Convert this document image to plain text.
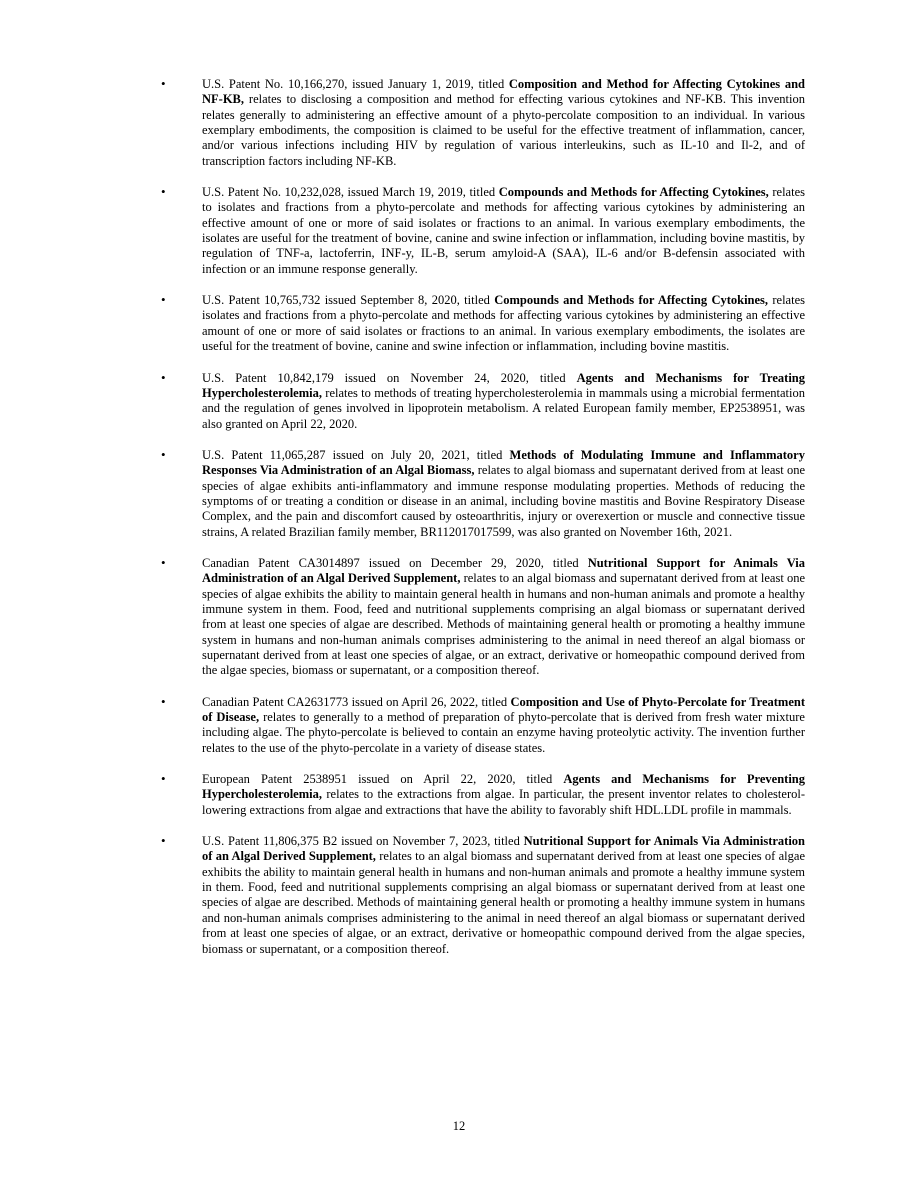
•	U.S. Patent No. 10,166,270, issued January 1, 2019, titled Composition and Method for Affecting Cytokines and NF-KB, relates to disclosing a composition and method for effecting various cytokines and NF-KB. This invention relates generally to administering an effective amount of a phyto-percolate composition to an individual. In various exemplary embodiments, the composition is claimed to be useful for the effective treatment of inflammation, cancer, and/or various infections including HIV by regulation of various interleukins, such as IL-10 and Il-2, and of transcription factors including NF-KB.
•	U.S. Patent No. 10,232,028, issued March 19, 2019, titled Compounds and Methods for Affecting Cytokines, relates to isolates and fractions from a phyto-percolate and methods for affecting various cytokines by administering an effective amount of one or more of said isolates or fractions to an animal. In various exemplary embodiments, the isolates are useful for the treatment of bovine, canine and swine infection or inflammation, including bovine mastitis, by regulation of TNF-a, lactoferrin, INF-y, IL-B, serum amyloid-A (SAA), IL-6 and/or B-defensin associated with infection or an immune response generally.
•	U.S. Patent 10,765,732 issued September 8, 2020, titled Compounds and Methods for Affecting Cytokines, relates isolates and fractions from a phyto-percolate and methods for affecting various cytokines by administering an effective amount of one or more of said isolates or fractions to an animal. In various exemplary embodiments, the isolates are useful for the treatment of bovine, canine and swine infection or inflammation, including bovine mastitis.
•	U.S. Patent 10,842,179 issued on November 24, 2020, titled Agents and Mechanisms for Treating Hypercholesterolemia, relates to methods of treating hypercholesterolemia in mammals using a microbial fermentation and the regulation of genes involved in lipoprotein metabolism. A related European family member, EP2538951, was also granted on April 22, 2020.
•	U.S. Patent 11,065,287 issued on July 20, 2021, titled Methods of Modulating Immune and Inflammatory Responses Via Administration of an Algal Biomass, relates to algal biomass and supernatant derived from at least one species of algae exhibits anti-inflammatory and immune response modulating properties. Methods of reducing the symptoms of or treating a condition or disease in an animal, including bovine mastitis and Bovine Respiratory Disease Complex, and the pain and discomfort caused by osteoarthritis, injury or overexertion or muscle and connective tissue strains, A related Brazilian family member, BR112017017599, was also granted on November 16th, 2021.
•	Canadian Patent CA3014897 issued on December 29, 2020, titled Nutritional Support for Animals Via Administration of an Algal Derived Supplement, relates to an algal biomass and supernatant derived from at least one species of algae exhibits the ability to maintain general health in humans and non-human animals and promote a healthy immune system in them. Food, feed and nutritional supplements comprising an algal biomass or supernatant derived from at least one species of algae are described. Methods of maintaining general health or promoting a healthy immune system in humans and non-human animals comprises administering to the animal in need thereof an algal biomass or supernatant derived from at least one species of algae, or an extract, derivative or homeopathic compound derived from the algae species, biomass or supernatant, or a composition thereof.
•	Canadian Patent CA2631773 issued on April 26, 2022, titled Composition and Use of Phyto-Percolate for Treatment of Disease, relates to generally to a method of preparation of phyto-percolate that is derived from fresh water mixture including algae. The phyto-percolate is believed to contain an enzyme having proteolytic activity. The invention further relates to the use of the phyto-percolate in a variety of disease states.
•	European Patent 2538951 issued on April 22, 2020, titled Agents and Mechanisms for Preventing Hypercholesterolemia, relates to the extractions from algae. In particular, the present inventor relates to cholesterol-lowering extractions from algae and extractions that have the ability to favorably shift HDL.LDL profile in mammals.
•	U.S. Patent 11,806,375 B2 issued on November 7, 2023, titled Nutritional Support for Animals Via Administration of an Algal Derived Supplement, relates to an algal biomass and supernatant derived from at least one species of algae exhibits the ability to maintain general health in humans and non-human animals and promote a healthy immune system in them. Food, feed and nutritional supplements comprising an algal biomass or supernatant derived from at least one species of algae are described. Methods of maintaining general health or promoting a healthy immune system in humans and non-human animals comprises administering to the animal in need thereof an algal biomass or supernatant derived from at least one species of algae, or an extract, derivative or homeopathic compound derived from the algae species, biomass or supernatant, or a composition thereof.
12
